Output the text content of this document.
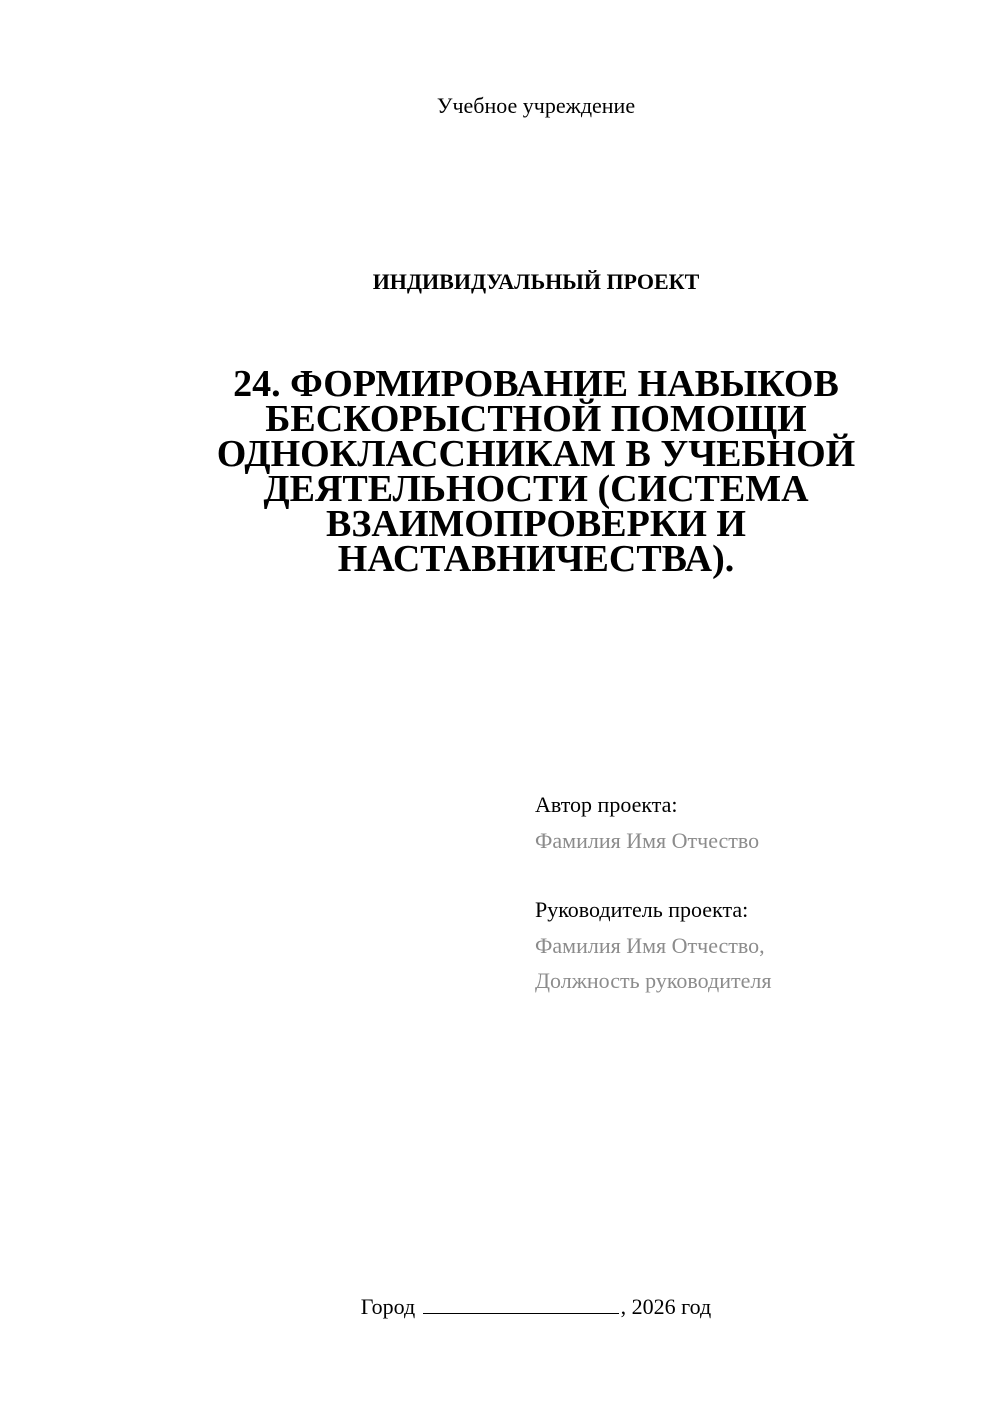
Учебное учреждение
ИНДИВИДУАЛЬНЫЙ ПРОЕКТ
24. ФОРМИРОВАНИЕ НАВЫКОВ
БЕСКОРЫСТНОЙ ПОМОЩИ
ОДНОКЛАССНИКАМ В УЧЕБНОЙ
ДЕЯТЕЛЬНОСТИ (СИСТЕМА
ВЗАИМОПРОВЕРКИ И
НАСТАВНИЧЕСТВА).
Автор проекта:
Фамилия Имя Отчество
Руководитель проекта:
Фамилия Имя Отчество,
Должность руководителя
Город	, 2026 год
